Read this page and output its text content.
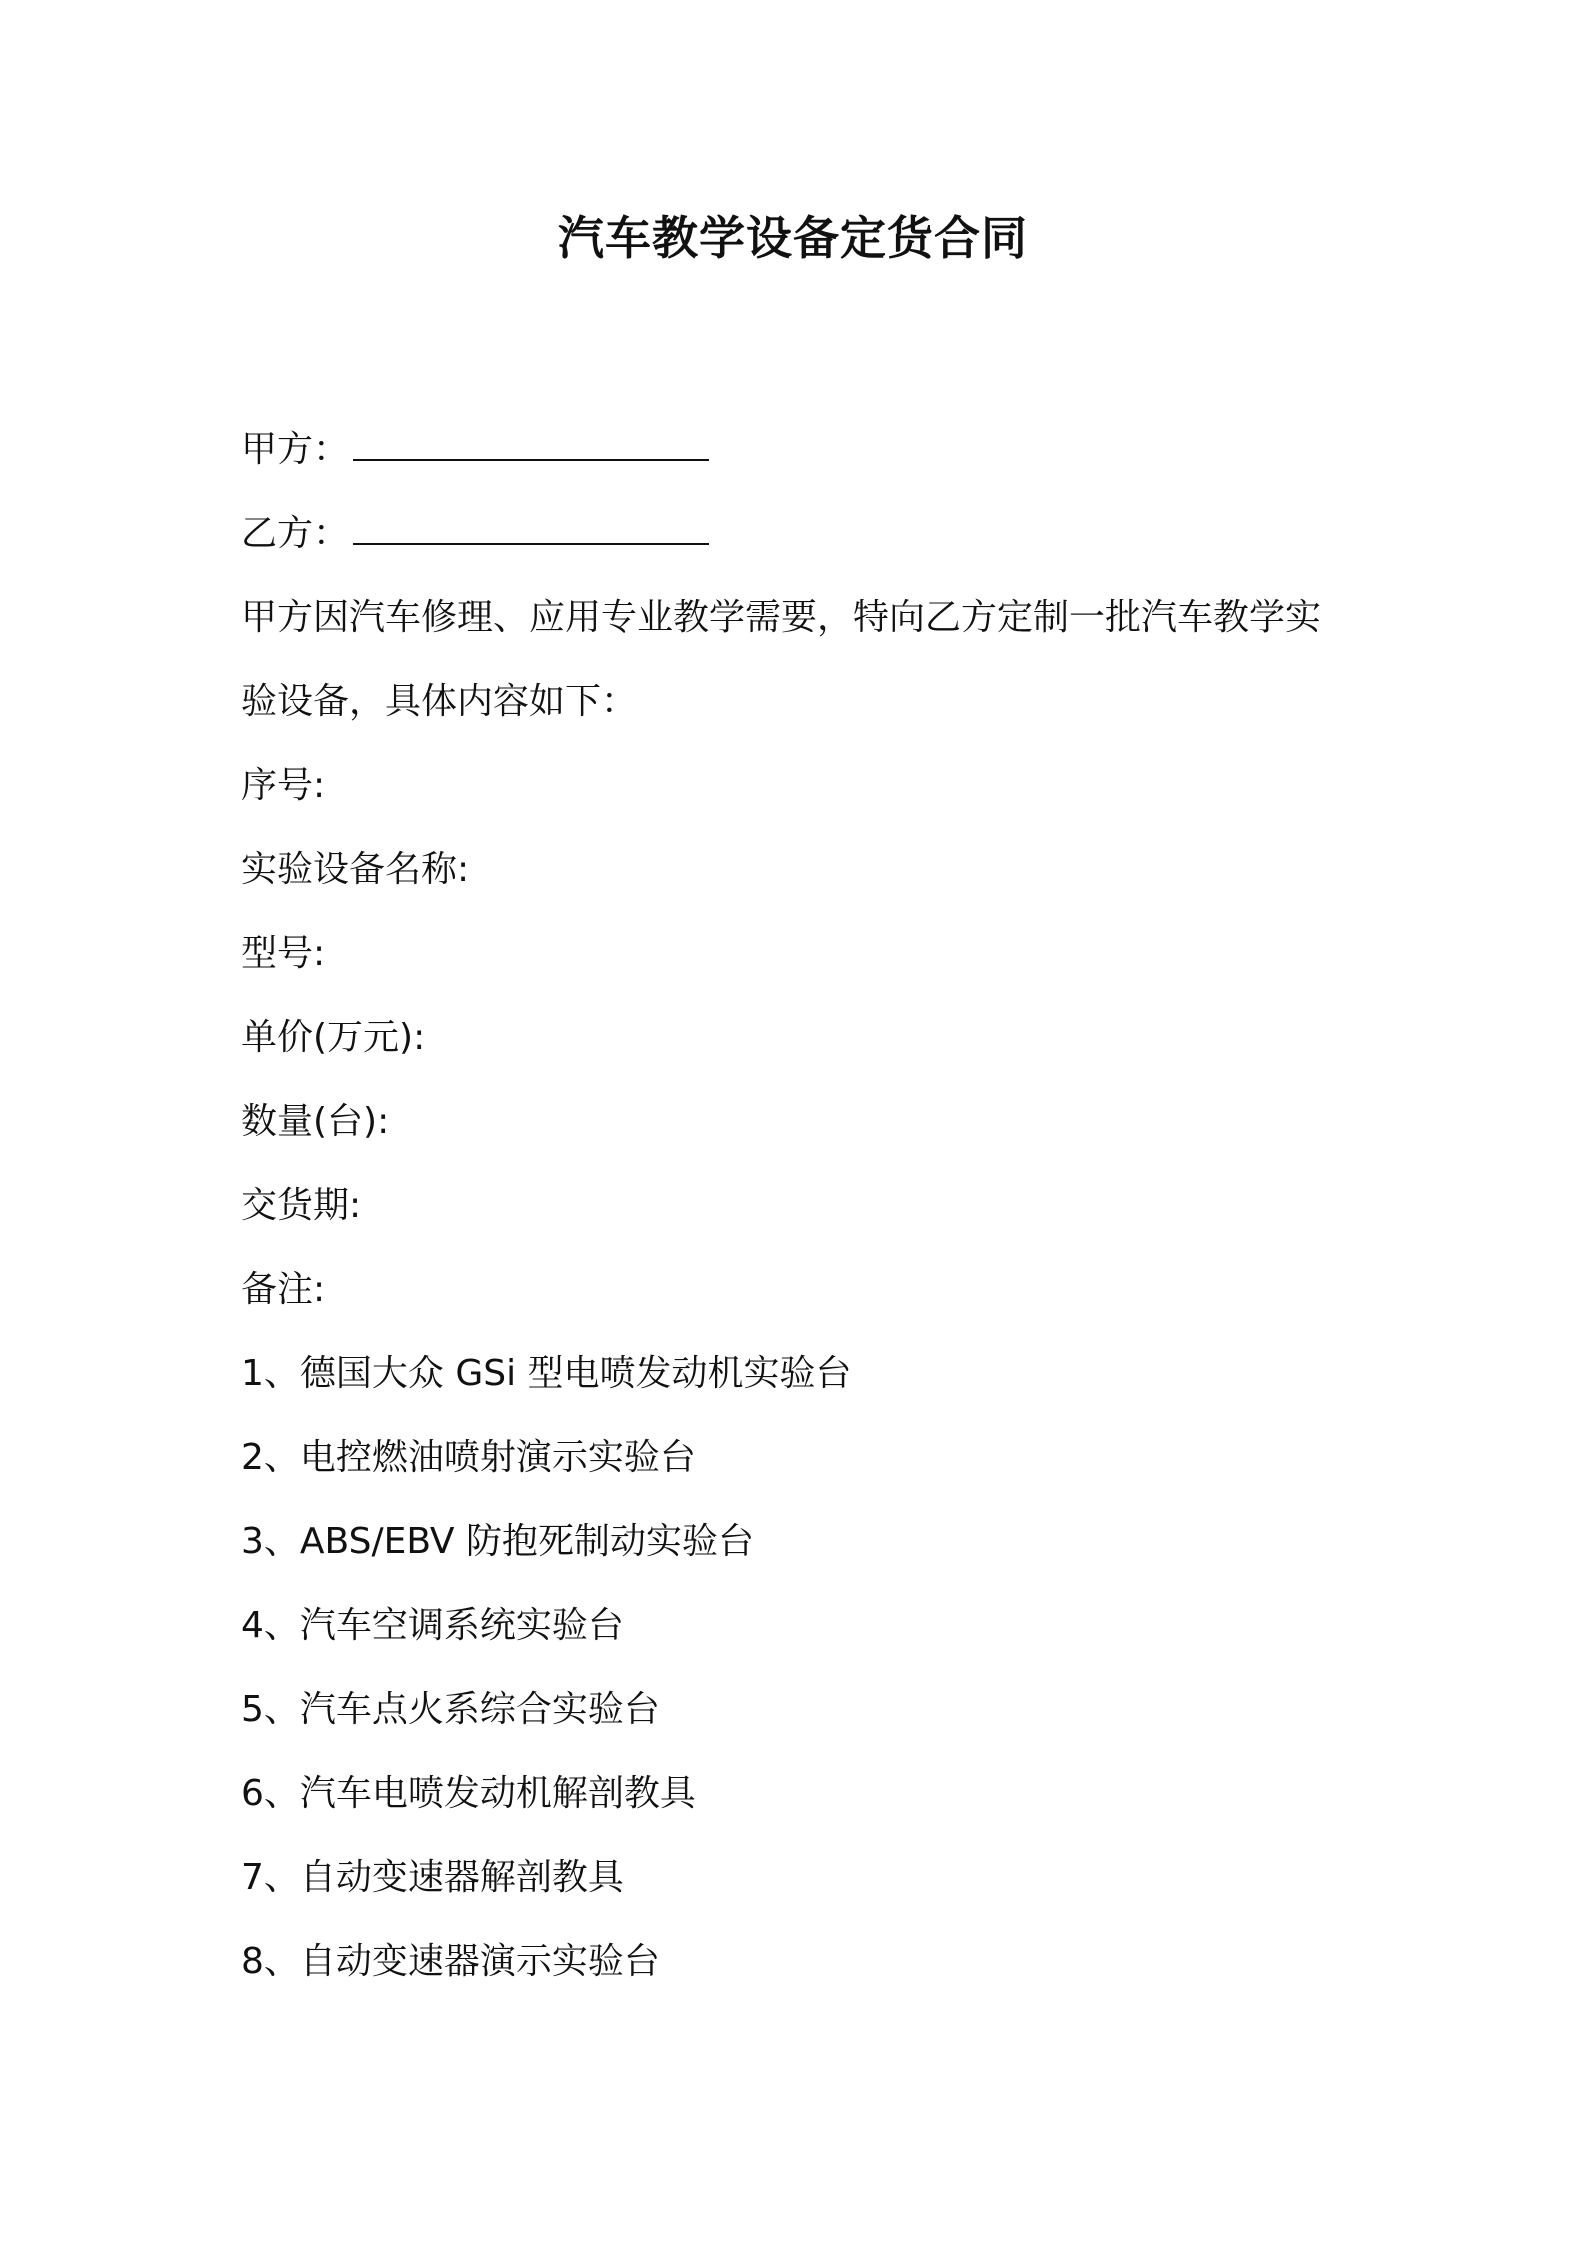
汽车教学设备定货合同
甲方：
乙方：
甲方因汽车修理、应用专业教学需要，特向乙方定制一批汽车教学实
验设备，具体内容如下：
序号:
实验设备名称:
型号:
单价(万元):
数量(台):
交货期:
备注:
1、德国大众 GSi 型电喷发动机实验台
2、电控燃油喷射演示实验台
3、ABS/EBV 防抱死制动实验台
4、汽车空调系统实验台
5、汽车点火系综合实验台
6、汽车电喷发动机解剖教具
7、自动变速器解剖教具
8、自动变速器演示实验台
